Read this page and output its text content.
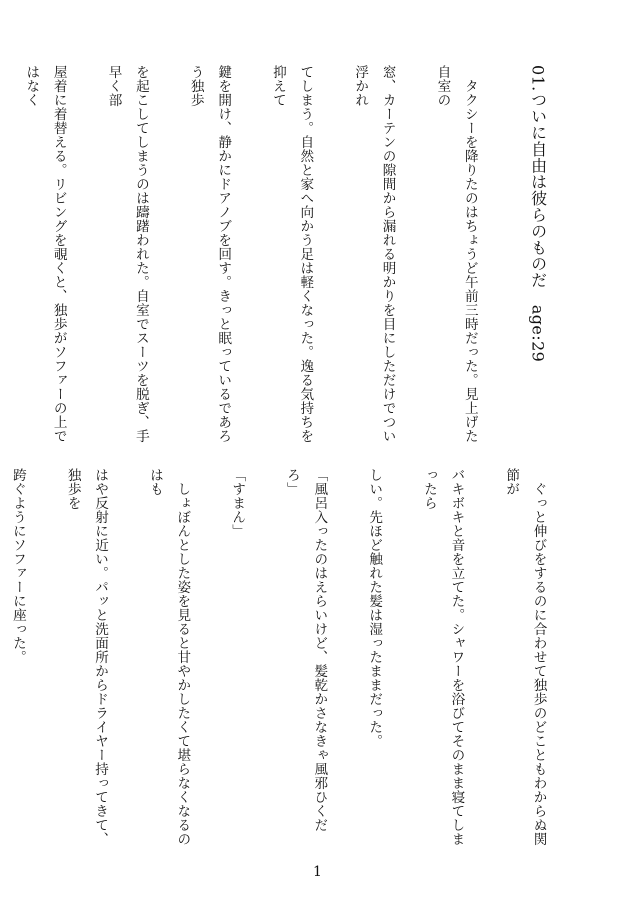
01.ついに自由は彼らのものだ　age:29

　タクシーを降りたのはちょうど午前三時だった。見上げた自室の

窓、カーテンの隙間から漏れる明かりを目にしただけでつい浮かれ

てしまう。自然と家へ向かう足は軽くなった。逸る気持ちを抑えて

鍵を開け、静かにドアノブを回す。きっと眠っているであろう独歩

を起こしてしまうのは躊躇われた。自室でスーツを脱ぎ、手早く部

屋着に着替える。リビングを覗くと、独歩がソファーの上ではなく

　ぐっと伸びをするのに合わせて独歩のどこともわからぬ関節が

バキボキと音を立てた。シャワーを浴びてそのまま寝てしまったら

しい。先ほど触れた髪は湿ったままだった。

「風呂入ったのはえらいけど、髪乾かさなきゃ風邪ひくだろ」

「すまん」

　しょぼんとした姿を見ると甘やかしたくて堪らなくなるのはも

はや反射に近い。パッと洗面所からドライヤー持ってきて、独歩を

跨ぐようにソファーに座った。

1
